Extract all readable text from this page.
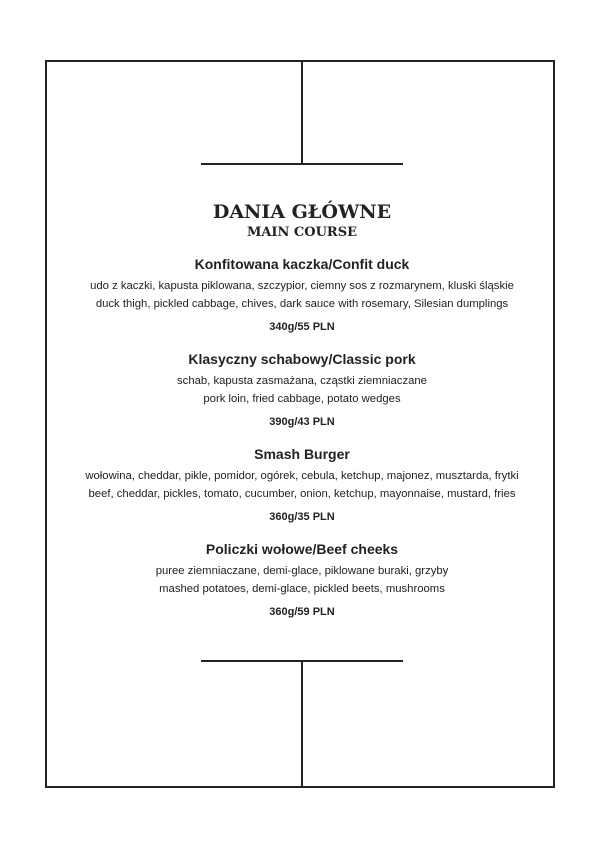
DANIA GŁÓWNE
MAIN COURSE

Konfitowana kaczka/Confit duck

udo z kaczki, kapusta piklowana, szczypior, ciemny sos z rozmarynem, kluski śląskie

duck thigh, pickled cabbage, chives, dark sauce with rosemary, Silesian dumplings

340g/55 PLN

Klasyczny schabowy/Classic pork

schab, kapusta zasmażana, cząstki ziemniaczane

pork loin, fried cabbage, potato wedges

390g/43 PLN

Smash Burger

wołowina, cheddar, pikle, pomidor, ogórek, cebula, ketchup, majonez, musztarda, frytki

beef, cheddar, pickles, tomato, cucumber, onion, ketchup, mayonnaise, mustard, fries

360g/35 PLN

Policzki wołowe/Beef cheeks

puree ziemniaczane, demi-glace, piklowane buraki, grzyby

mashed potatoes, demi-glace, pickled beets, mushrooms

360g/59 PLN
